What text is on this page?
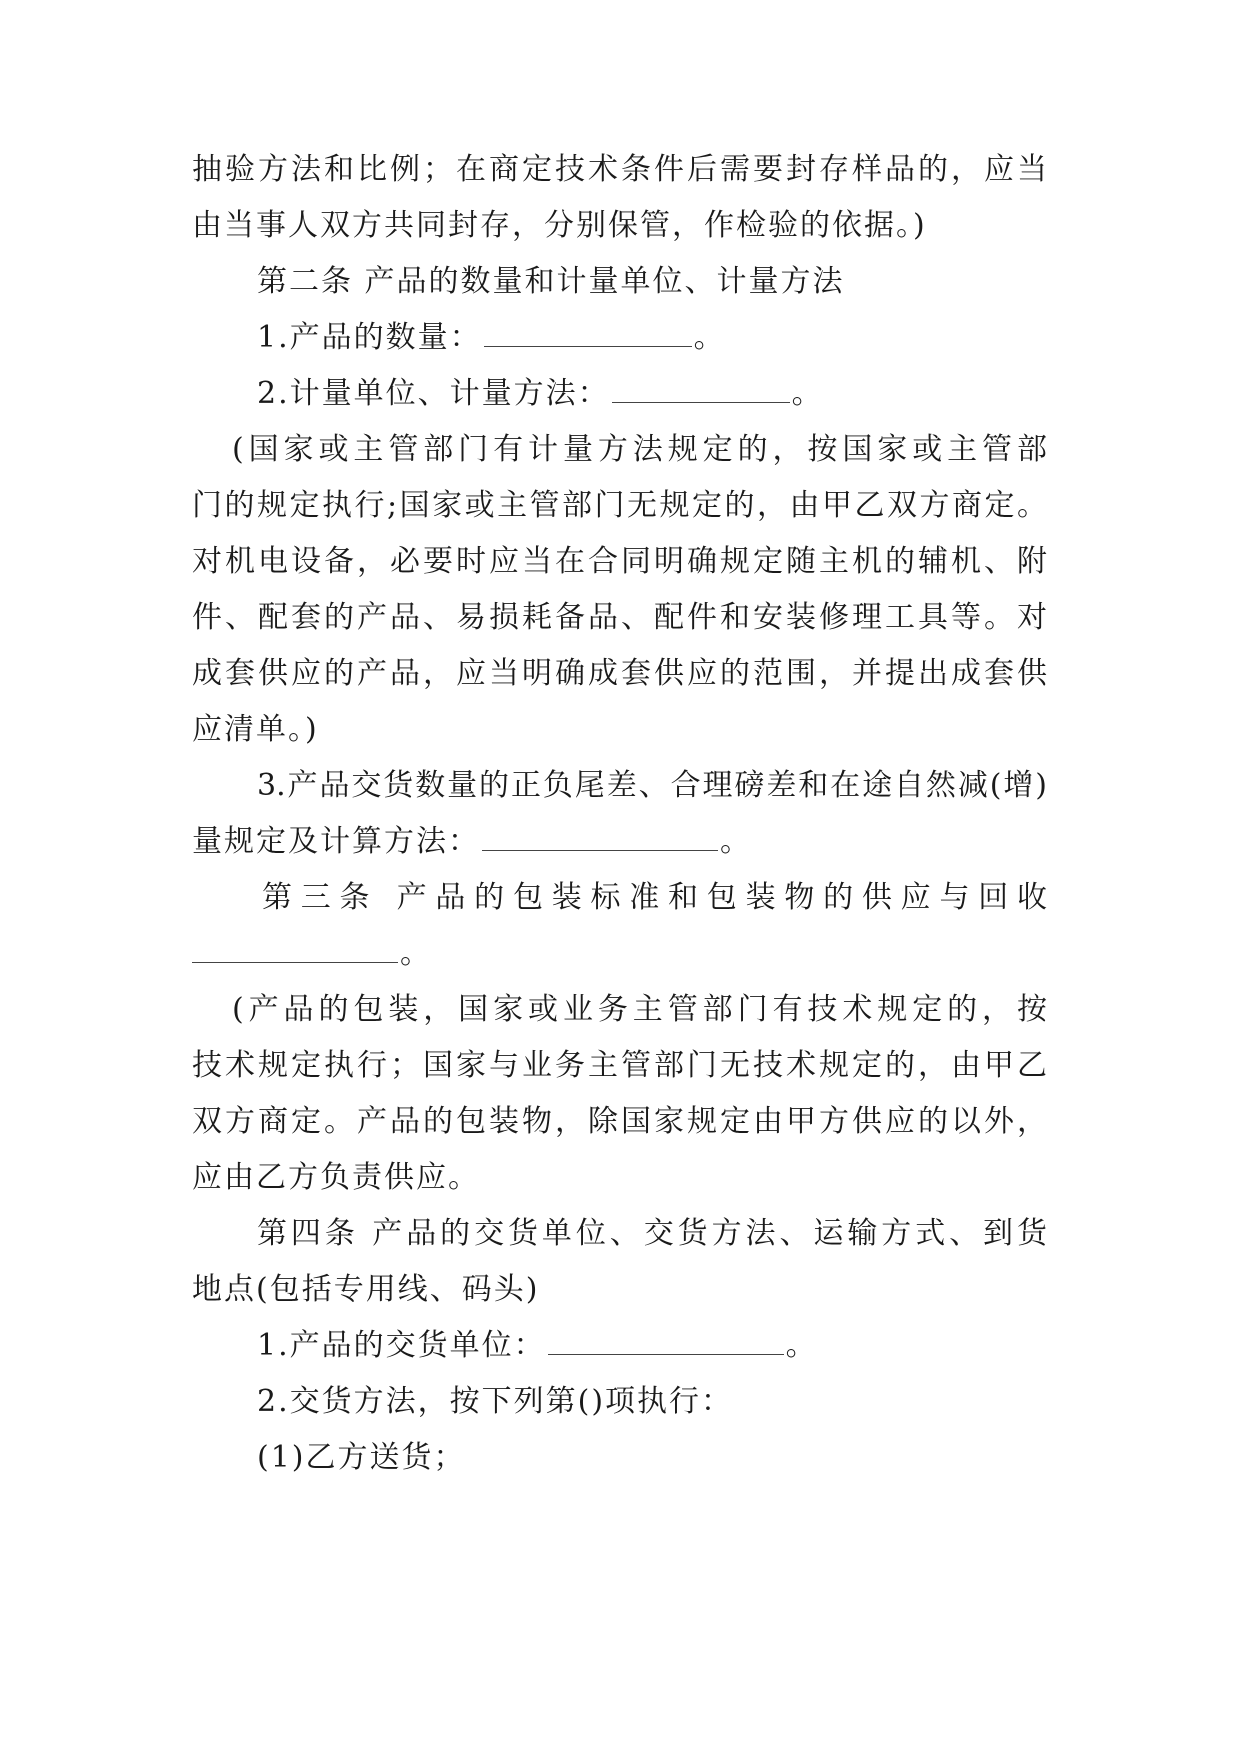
抽验方法和比例；在商定技术条件后需要封存样品的，应当
由当事人双方共同封存，分别保管，作检验的依据。)
第二条 产品的数量和计量单位、计量方法
1.产品的数量：	。
2.计量单位、计量方法：	。
(国家或主管部门有计量方法规定的，按国家或主管部
门的规定执行;国家或主管部门无规定的，由甲乙双方商定。
对机电设备，必要时应当在合同明确规定随主机的辅机、附
件、配套的产品、易损耗备品、配件和安装修理工具等。对
成套供应的产品，应当明确成套供应的范围，并提出成套供
应清单。)
3.产品交货数量的正负尾差、合理磅差和在途自然减(增)
量规定及计算方法：	。
第三条 产品的包装标准和包装物的供应与回收
。
(产品的包装，国家或业务主管部门有技术规定的，按
技术规定执行；国家与业务主管部门无技术规定的，由甲乙
双方商定。产品的包装物，除国家规定由甲方供应的以外，
应由乙方负责供应。
第四条 产品的交货单位、交货方法、运输方式、到货
地点(包括专用线、码头)
1.产品的交货单位：	。
2.交货方法，按下列第()项执行：
(1)乙方送货；
